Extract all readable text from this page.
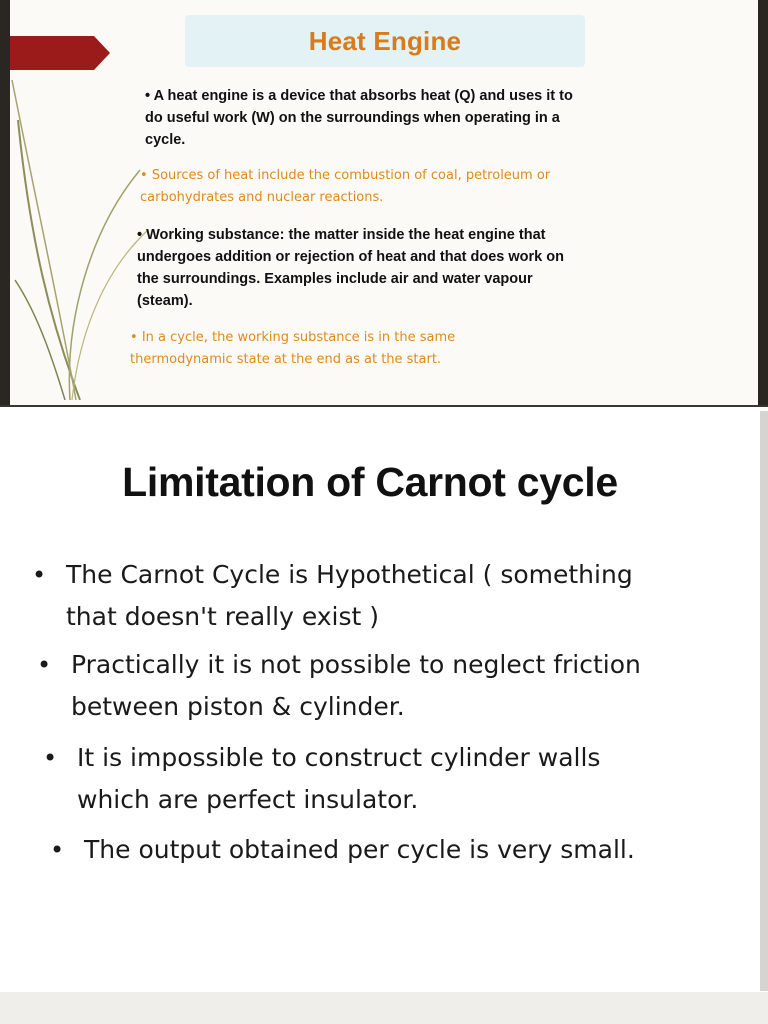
Heat Engine
• A heat engine is a device that absorbs heat (Q) and uses it to
do useful work (W) on the surroundings when operating in a
cycle.
• Sources of heat include the combustion of coal, petroleum or
carbohydrates and nuclear reactions.
• Working substance: the matter inside the heat engine that
undergoes addition or rejection of heat and that does work on
the surroundings. Examples include air and water vapour
(steam).
• In a cycle, the working substance is in the same
thermodynamic state at the end as at the start.
Limitation of Carnot cycle
• The Carnot Cycle is Hypothetical ( something
that doesn't really exist )
• Practically it is not possible to neglect friction
between piston & cylinder.
• It is impossible to construct cylinder walls
which are perfect insulator.
• The output obtained per cycle is very small.
